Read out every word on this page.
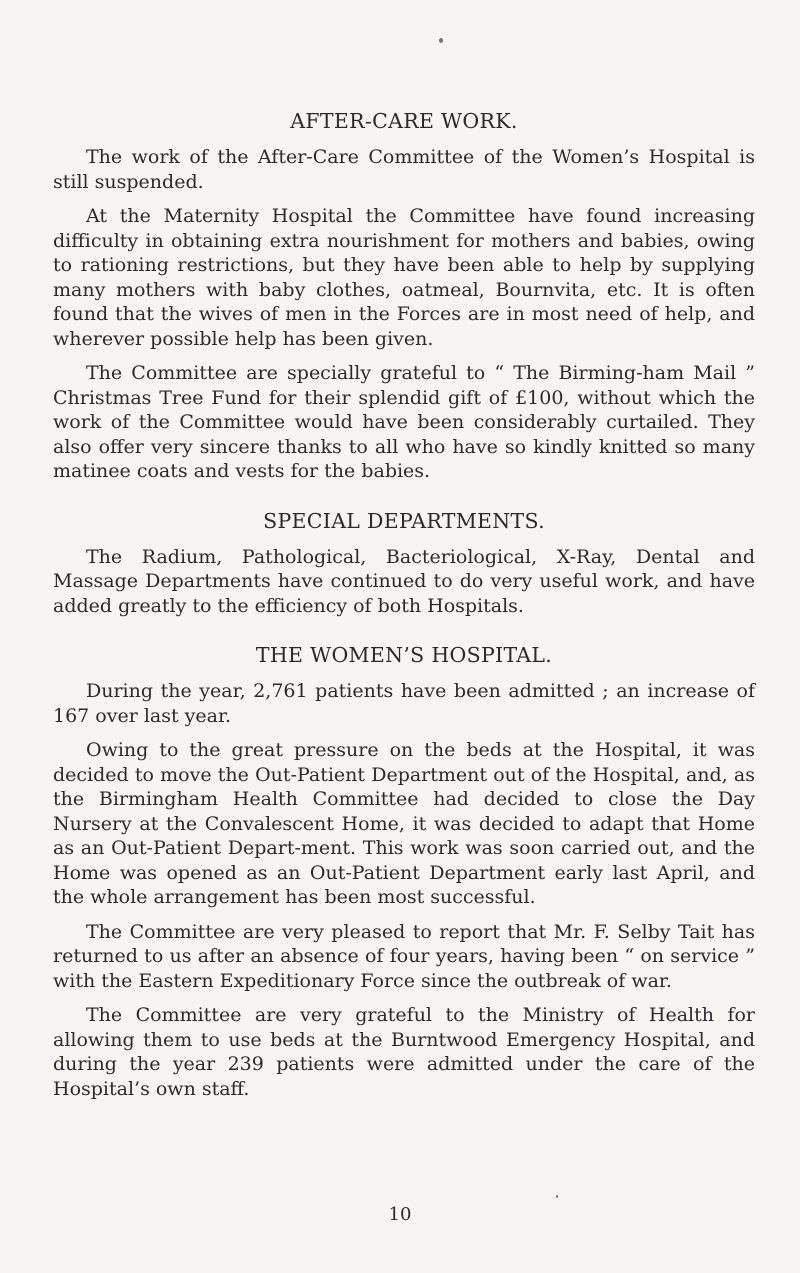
AFTER-CARE WORK.

The work of the After-Care Committee of the Women’s Hospital is still suspended.

At the Maternity Hospital the Committee have found increasing difficulty in obtaining extra nourishment for mothers and babies, owing to rationing restrictions, but they have been able to help by supplying many mothers with baby clothes, oatmeal, Bournvita, etc. It is often found that the wives of men in the Forces are in most need of help, and wherever possible help has been given.

The Committee are specially grateful to “ The Birming-ham Mail ” Christmas Tree Fund for their splendid gift of £100, without which the work of the Committee would have been considerably curtailed. They also offer very sincere thanks to all who have so kindly knitted so many matinee coats and vests for the babies.

SPECIAL DEPARTMENTS.

The Radium, Pathological, Bacteriological, X-Ray, Dental and Massage Departments have continued to do very useful work, and have added greatly to the efficiency of both Hospitals.

THE WOMEN’S HOSPITAL.

During the year, 2,761 patients have been admitted ; an increase of 167 over last year.

Owing to the great pressure on the beds at the Hospital, it was decided to move the Out-Patient Department out of the Hospital, and, as the Birmingham Health Committee had decided to close the Day Nursery at the Convalescent Home, it was decided to adapt that Home as an Out-Patient Depart-ment. This work was soon carried out, and the Home was opened as an Out-Patient Department early last April, and the whole arrangement has been most successful.

The Committee are very pleased to report that Mr. F. Selby Tait has returned to us after an absence of four years, having been “ on service ” with the Eastern Expeditionary Force since the outbreak of war.

The Committee are very grateful to the Ministry of Health for allowing them to use beds at the Burntwood Emergency Hospital, and during the year 239 patients were admitted under the care of the Hospital’s own staff.

10
